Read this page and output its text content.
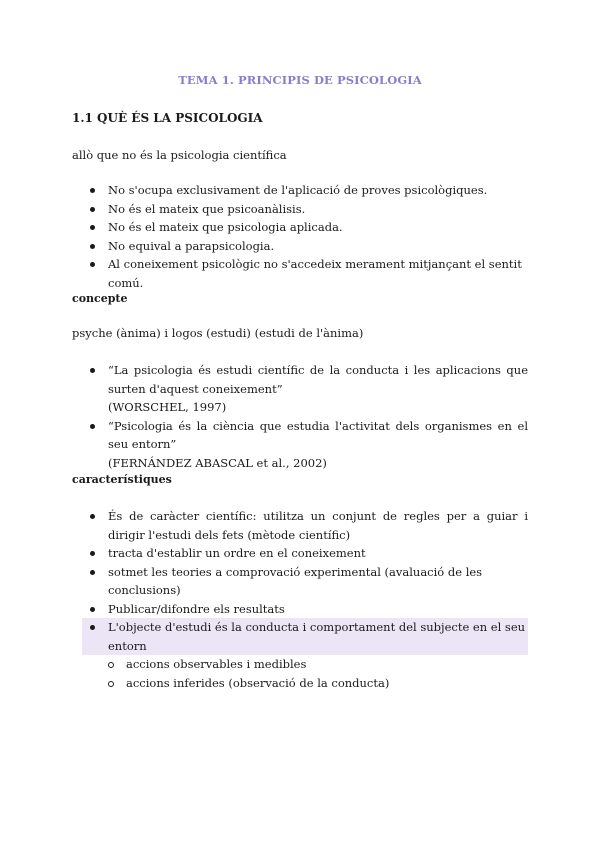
TEMA 1. PRINCIPIS DE PSICOLOGIA
1.1 QUÈ ÉS LA PSICOLOGIA
allò que no és la psicologia científica
No s'ocupa exclusivament de l'aplicació de proves psicològiques.
No és el mateix que psicoanàlisis.
No és el mateix que psicologia aplicada.
No equival a parapsicologia.
Al coneixement psicològic no s'accedeix merament mitjançant el sentit comú.
concepte
psyche (ànima) i logos (estudi) (estudi de l'ànima)
“La psicologia és estudi científic de la conducta i les aplicacions que surten d'aquest coneixement”
(WORSCHEL, 1997)
“Psicologia és la ciència que estudia l'activitat dels organismes en el seu entorn”
(FERNÁNDEZ ABASCAL et al., 2002)
característiques
És de caràcter científic: utilitza un conjunt de regles per a guiar i dirigir l'estudi dels fets (mètode científic)
tracta d'establir un ordre en el coneixement
sotmet les teories a comprovació experimental (avaluació de les conclusions)
Publicar/difondre els resultats
L'objecte d'estudi és la conducta i comportament del subjecte en el seu entorn
accions observables i medibles
accions inferides (observació de la conducta)
